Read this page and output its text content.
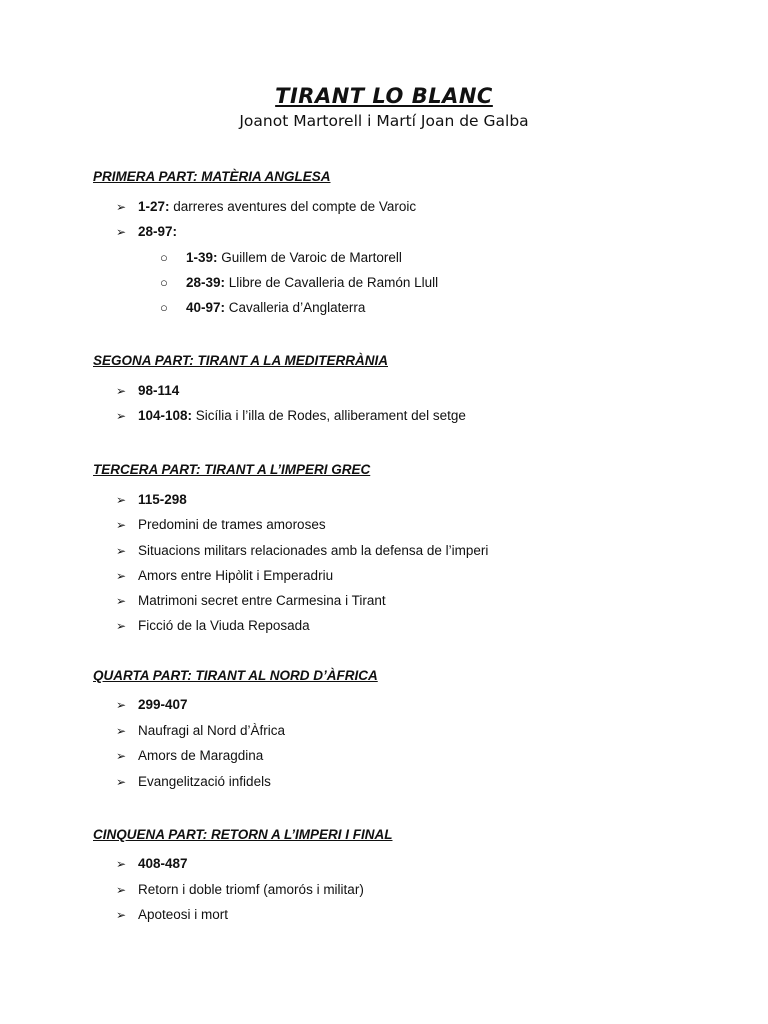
TIRANT LO BLANC
Joanot Martorell i Martí Joan de Galba
PRIMERA PART: MATÈRIA ANGLESA
➢ 1-27: darreres aventures del compte de Varoic
➢ 28-97:
○ 1-39: Guillem de Varoic de Martorell
○ 28-39: Llibre de Cavalleria de Ramón Llull
○ 40-97: Cavalleria d’Anglaterra
SEGONA PART: TIRANT A LA MEDITERRÀNIA
➢ 98-114
➢ 104-108: Sicília i l’illa de Rodes, alliberament del setge
TERCERA PART: TIRANT A L’IMPERI GREC
➢ 115-298
➢ Predomini de trames amoroses
➢ Situacions militars relacionades amb la defensa de l’imperi
➢ Amors entre Hipòlit i Emperadriu
➢ Matrimoni secret entre Carmesina i Tirant
➢ Ficció de la Viuda Reposada
QUARTA PART: TIRANT AL NORD D’ÀFRICA
➢ 299-407
➢ Naufragi al Nord d’Àfrica
➢ Amors de Maragdina
➢ Evangelització infidels
CINQUENA PART: RETORN A L’IMPERI I FINAL
➢ 408-487
➢ Retorn i doble triomf (amorós i militar)
➢ Apoteosi i mort
